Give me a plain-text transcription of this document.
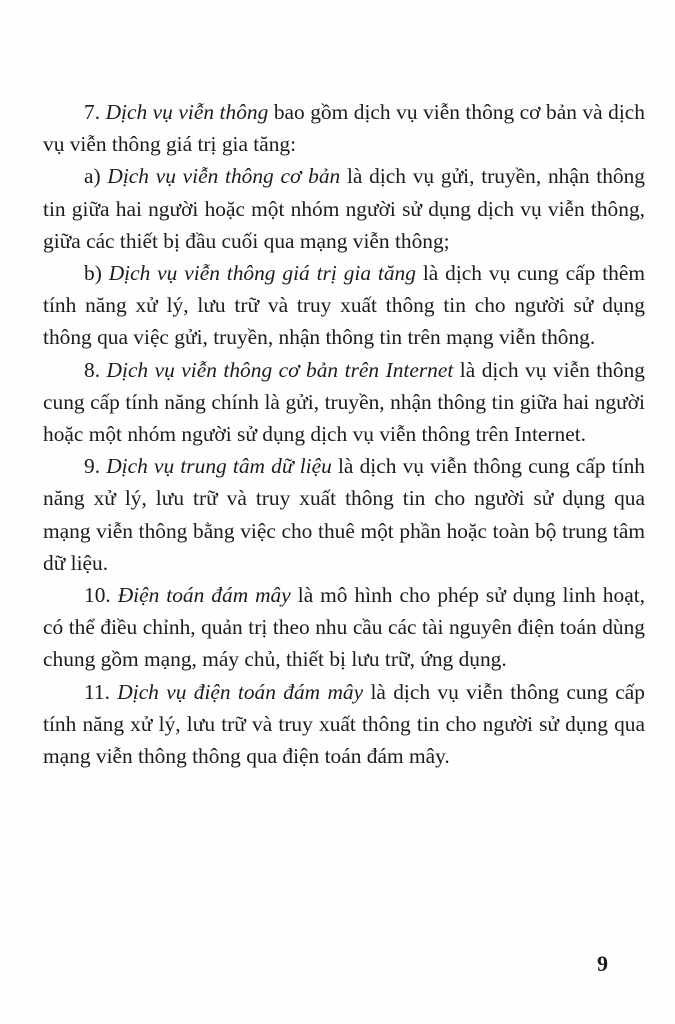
7. Dịch vụ viễn thông bao gồm dịch vụ viễn thông cơ bản và dịch vụ viễn thông giá trị gia tăng:

a) Dịch vụ viễn thông cơ bản là dịch vụ gửi, truyền, nhận thông tin giữa hai người hoặc một nhóm người sử dụng dịch vụ viễn thông, giữa các thiết bị đầu cuối qua mạng viễn thông;

b) Dịch vụ viễn thông giá trị gia tăng là dịch vụ cung cấp thêm tính năng xử lý, lưu trữ và truy xuất thông tin cho người sử dụng thông qua việc gửi, truyền, nhận thông tin trên mạng viễn thông.

8. Dịch vụ viễn thông cơ bản trên Internet là dịch vụ viễn thông cung cấp tính năng chính là gửi, truyền, nhận thông tin giữa hai người hoặc một nhóm người sử dụng dịch vụ viễn thông trên Internet.

9. Dịch vụ trung tâm dữ liệu là dịch vụ viễn thông cung cấp tính năng xử lý, lưu trữ và truy xuất thông tin cho người sử dụng qua mạng viễn thông bằng việc cho thuê một phần hoặc toàn bộ trung tâm dữ liệu.

10. Điện toán đám mây là mô hình cho phép sử dụng linh hoạt, có thể điều chỉnh, quản trị theo nhu cầu các tài nguyên điện toán dùng chung gồm mạng, máy chủ, thiết bị lưu trữ, ứng dụng.

11. Dịch vụ điện toán đám mây là dịch vụ viễn thông cung cấp tính năng xử lý, lưu trữ và truy xuất thông tin cho người sử dụng qua mạng viễn thông thông qua điện toán đám mây.

9
